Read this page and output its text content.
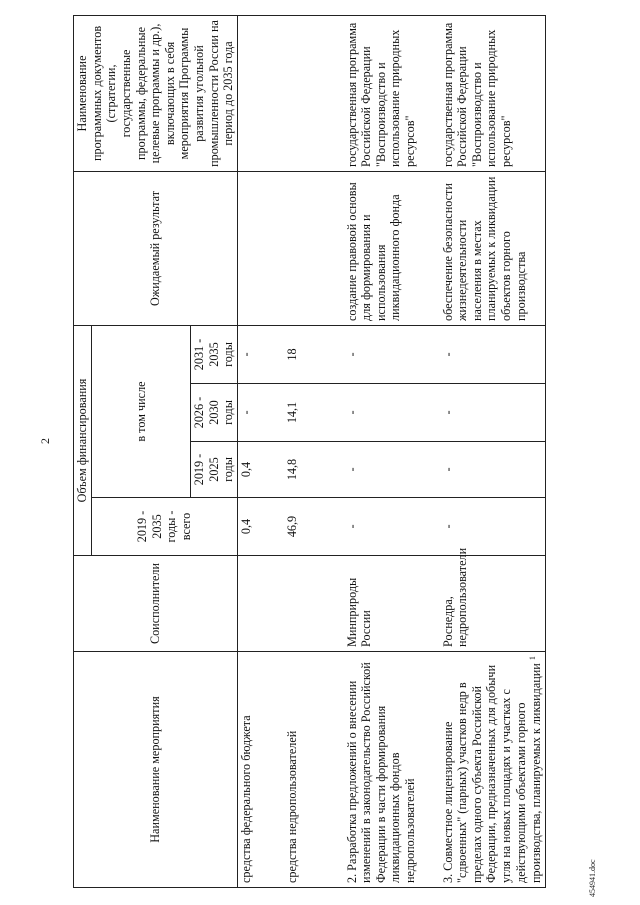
2
454941.doc
Наименование мероприятия	Соисполнители	Объем финансирования				Ожидаемый результат	Наименование программных документов (стратегии, государственные программы, федеральные целевые программы и др.), включающих в себя мероприятия Программы развития угольной промышленности России на период до 2035 года
		2019 - 2035 годы - всего	в том числе				
			2019 - 2025 годы	2026 - 2030 годы	2031 - 2035 годы		
средства федерального бюджета		0,4	0,4	-	-		
средства недропользователей		46,9	14,8	14,1	18		
2. Разработка предложений о внесении изменений в законодательство Российской Федерации в части формирования ликвидационных фондов недропользователей	Минприроды России	-	-	-	-	создание правовой основы для формирования и использования ликвидационного фонда	государственная программа Российской Федерации "Воспроизводство и использование природных ресурсов"
3. Совместное лицензирование "сдвоенных" (парных) участков недр в пределах одного субъекта Российской Федерации, предназначенных для добычи угля на новых площадях и участках с действующими объектами горного производства, планируемых к ликвидации $^1$	Роснедра, недропользователи	-	-	-	-	обеспечение безопасности жизнедеятельности населения в местах планируемых к ликвидации объектов горного производства	государственная программа Российской Федерации "Воспроизводство и использование природных ресурсов"
